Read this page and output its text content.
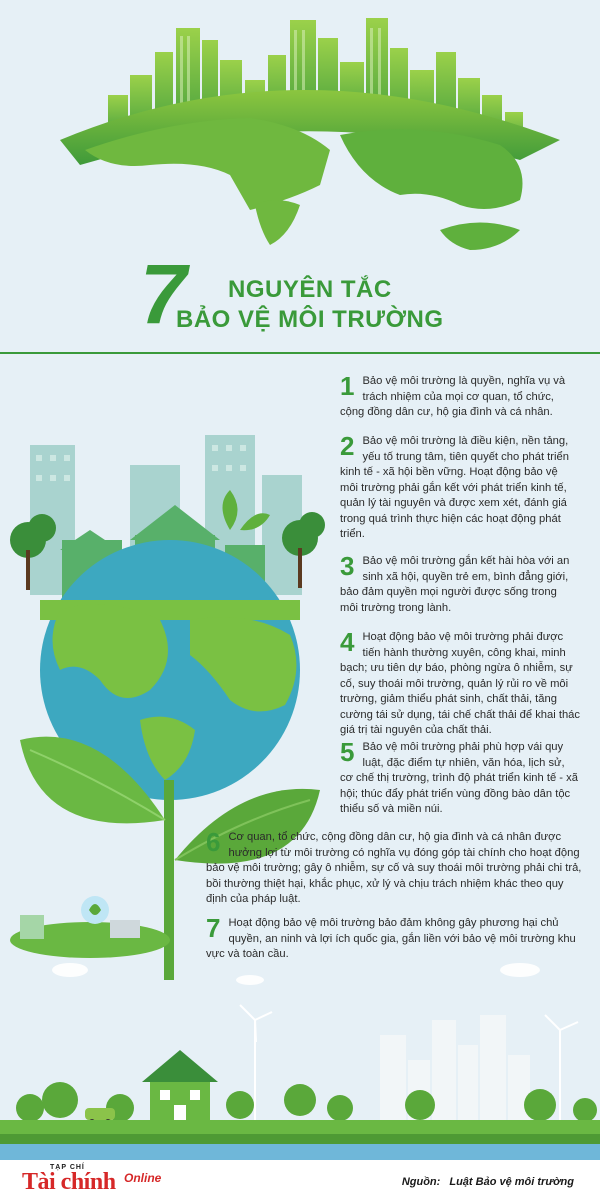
7 NGUYÊN TẮC
BẢO VỆ MÔI TRƯỜNG
1 Bảo vệ môi trường là quyền, nghĩa vụ và trách nhiệm của mọi cơ quan, tổ chức, cộng đồng dân cư, hộ gia đình và cá nhân.
2 Bảo vệ môi trường là điều kiện, nền tảng, yếu tố trung tâm, tiên quyết cho phát triển kinh tế - xã hội bền vững. Hoạt động bảo vệ môi trường phải gắn kết với phát triển kinh tế, quản lý tài nguyên và được xem xét, đánh giá trong quá trình thực hiện các hoạt động phát triển.
3 Bảo vệ môi trường gắn kết hài hòa với an sinh xã hội, quyền trẻ em, bình đẳng giới, bảo đảm quyền mọi người được sống trong môi trường trong lành.
4 Hoạt động bảo vệ môi trường phải được tiến hành thường xuyên, công khai, minh bạch; ưu tiên dự báo, phòng ngừa ô nhiễm, sự cố, suy thoái môi trường, quản lý rủi ro về môi trường, giảm thiểu phát sinh, chất thải, tăng cường tái sử dụng, tái chế chất thải để khai thác giá trị tài nguyên của chất thải.
5 Bảo vệ môi trường phải phù hợp vái quy luật, đặc điểm tự nhiên, văn hóa, lịch sử, cơ chế thị trường, trình độ phát triển kinh tế - xã hội; thúc đẩy phát triển vùng đồng bào dân tộc thiểu số và miền núi.
6 Cơ quan, tổ chức, cộng đồng dân cư, hộ gia đình và cá nhân được hưởng lợi từ môi trường có nghĩa vụ đóng góp tài chính cho hoạt động bảo vệ môi trường; gây ô nhiễm, sự cố và suy thoái môi trường phải chi trả, bồi thường thiệt hại, khắc phục, xử lý và chịu trách nhiệm khác theo quy định của pháp luật.
7 Hoạt động bảo vệ môi trường bảo đảm không gây phương hại chủ quyền, an ninh và lợi ích quốc gia, gắn liền với bảo vệ môi trường khu vực và toàn cầu.
TẠP CHÍ
Tài chính Online	Nguồn: Luật Bảo vệ môi trường
